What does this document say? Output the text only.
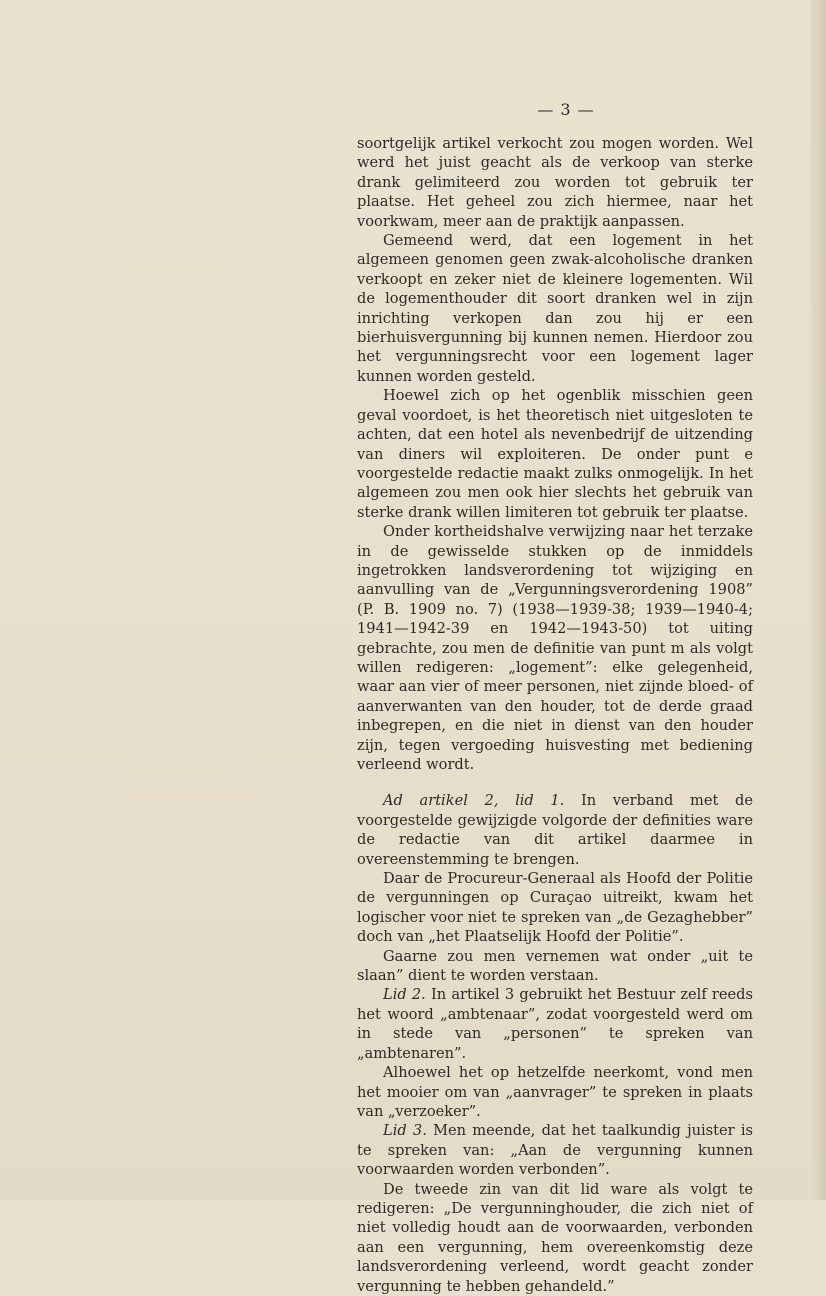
— 3 —

soortgelijk artikel verkocht zou mogen worden. Wel werd het juist geacht als de verkoop van sterke drank gelimiteerd zou worden tot gebruik ter plaatse. Het geheel zou zich hiermee, naar het voorkwam, meer aan de praktijk aanpassen.

Gemeend werd, dat een logement in het algemeen genomen geen zwak-alcoholische dranken verkoopt en zeker niet de kleinere logementen. Wil de logementhouder dit soort dranken wel in zijn inrichting verkopen dan zou hij er een bierhuisvergunning bij kunnen nemen. Hierdoor zou het vergunningsrecht voor een logement lager kunnen worden gesteld.

Hoewel zich op het ogenblik misschien geen geval voordoet, is het theoretisch niet uitgesloten te achten, dat een hotel als nevenbedrijf de uitzending van diners wil exploiteren. De onder punt e voorgestelde redactie maakt zulks onmogelijk. In het algemeen zou men ook hier slechts het gebruik van sterke drank willen limiteren tot gebruik ter plaatse.

Onder kortheidshalve verwijzing naar het terzake in de gewisselde stukken op de inmiddels ingetrokken landsverordening tot wijziging en aanvulling van de „Vergunningsverordening 1908” (P. B. 1909 no. 7) (1938—1939-38; 1939—1940-4; 1941—1942-39 en 1942—1943-50) tot uiting gebrachte, zou men de definitie van punt m als volgt willen redigeren: „logement”: elke gelegenheid, waar aan vier of meer personen, niet zijnde bloed- of aanverwanten van den houder, tot de derde graad inbegrepen, en die niet in dienst van den houder zijn, tegen vergoeding huisvesting met bediening verleend wordt.

Ad artikel 2, lid 1. In verband met de voorgestelde gewijzigde volgorde der definities ware de redactie van dit artikel daarmee in overeenstemming te brengen.

Daar de Procureur-Generaal als Hoofd der Politie de vergunningen op Curaçao uitreikt, kwam het logischer voor niet te spreken van „de Gezaghebber” doch van „het Plaatselijk Hoofd der Politie”.

Gaarne zou men vernemen wat onder „uit te slaan” dient te worden verstaan.

Lid 2. In artikel 3 gebruikt het Bestuur zelf reeds het woord „ambtenaar”, zodat voorgesteld werd om in stede van „personen” te spreken van „ambtenaren”.

Alhoewel het op hetzelfde neerkomt, vond men het mooier om van „aanvrager” te spreken in plaats van „verzoeker”.

Lid 3. Men meende, dat het taalkundig juister is te spreken van: „Aan de vergunning kunnen voorwaarden worden verbonden”.

De tweede zin van dit lid ware als volgt te redigeren: „De vergunninghouder, die zich niet of niet volledig houdt aan de voorwaarden, verbonden aan een vergunning, hem overeenkomstig deze landsverordening verleend, wordt geacht zonder vergunning te hebben gehandeld.”
